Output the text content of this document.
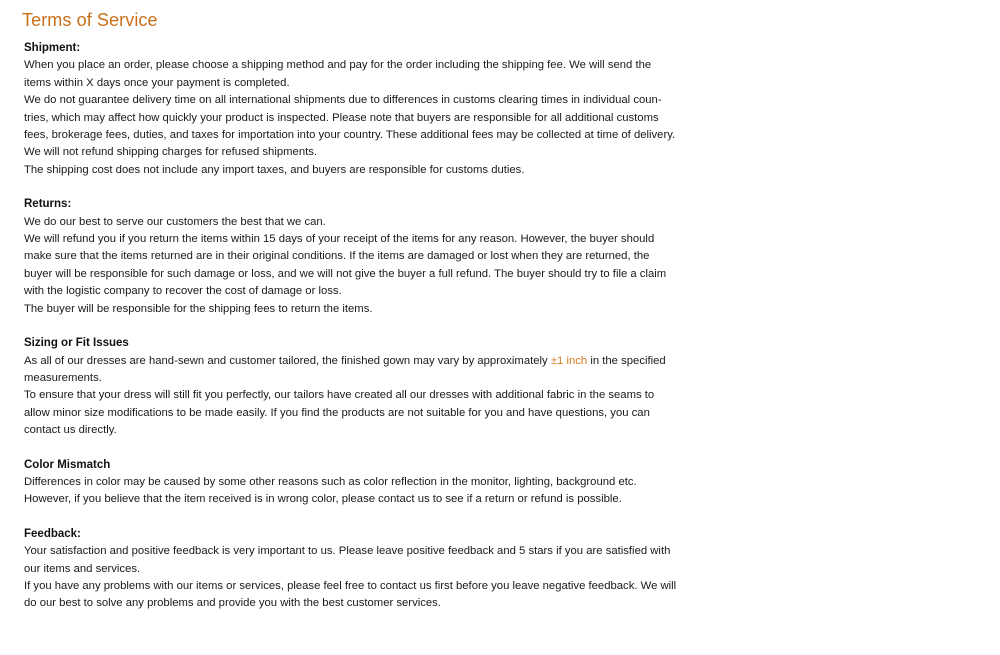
Terms of Service

Shipment:

When you place an order, please choose a shipping method and pay for the order including the shipping fee. We will send the
items within X days once your payment is completed.
We do not guarantee delivery time on all international shipments due to differences in customs clearing times in individual coun-
tries, which may affect how quickly your product is inspected. Please note that buyers are responsible for all additional customs
fees, brokerage fees, duties, and taxes for importation into your country. These additional fees may be collected at time of delivery.
We will not refund shipping charges for refused shipments.
The shipping cost does not include any import taxes, and buyers are responsible for customs duties.

Returns:

We do our best to serve our customers the best that we can.
We will refund you if you return the items within 15 days of your receipt of the items for any reason. However, the buyer should
make sure that the items returned are in their original conditions. If the items are damaged or lost when they are returned, the
buyer will be responsible for such damage or loss, and we will not give the buyer a full refund. The buyer should try to file a claim
with the logistic company to recover the cost of damage or loss.
The buyer will be responsible for the shipping fees to return the items.

Sizing or Fit Issues

As all of our dresses are hand-sewn and customer tailored, the finished gown may vary by approximately ±1 inch in the specified
measurements.
To ensure that your dress will still fit you perfectly, our tailors have created all our dresses with additional fabric in the seams to
allow minor size modifications to be made easily. If you find the products are not suitable for you and have questions, you can
contact us directly.

Color Mismatch

Differences in color may be caused by some other reasons such as color reflection in the monitor, lighting, background etc.
However, if you believe that the item received is in wrong color, please contact us to see if a return or refund is possible.

Feedback:

Your satisfaction and positive feedback is very important to us. Please leave positive feedback and 5 stars if you are satisfied with
our items and services.
If you have any problems with our items or services, please feel free to contact us first before you leave negative feedback. We will
do our best to solve any problems and provide you with the best customer services.
